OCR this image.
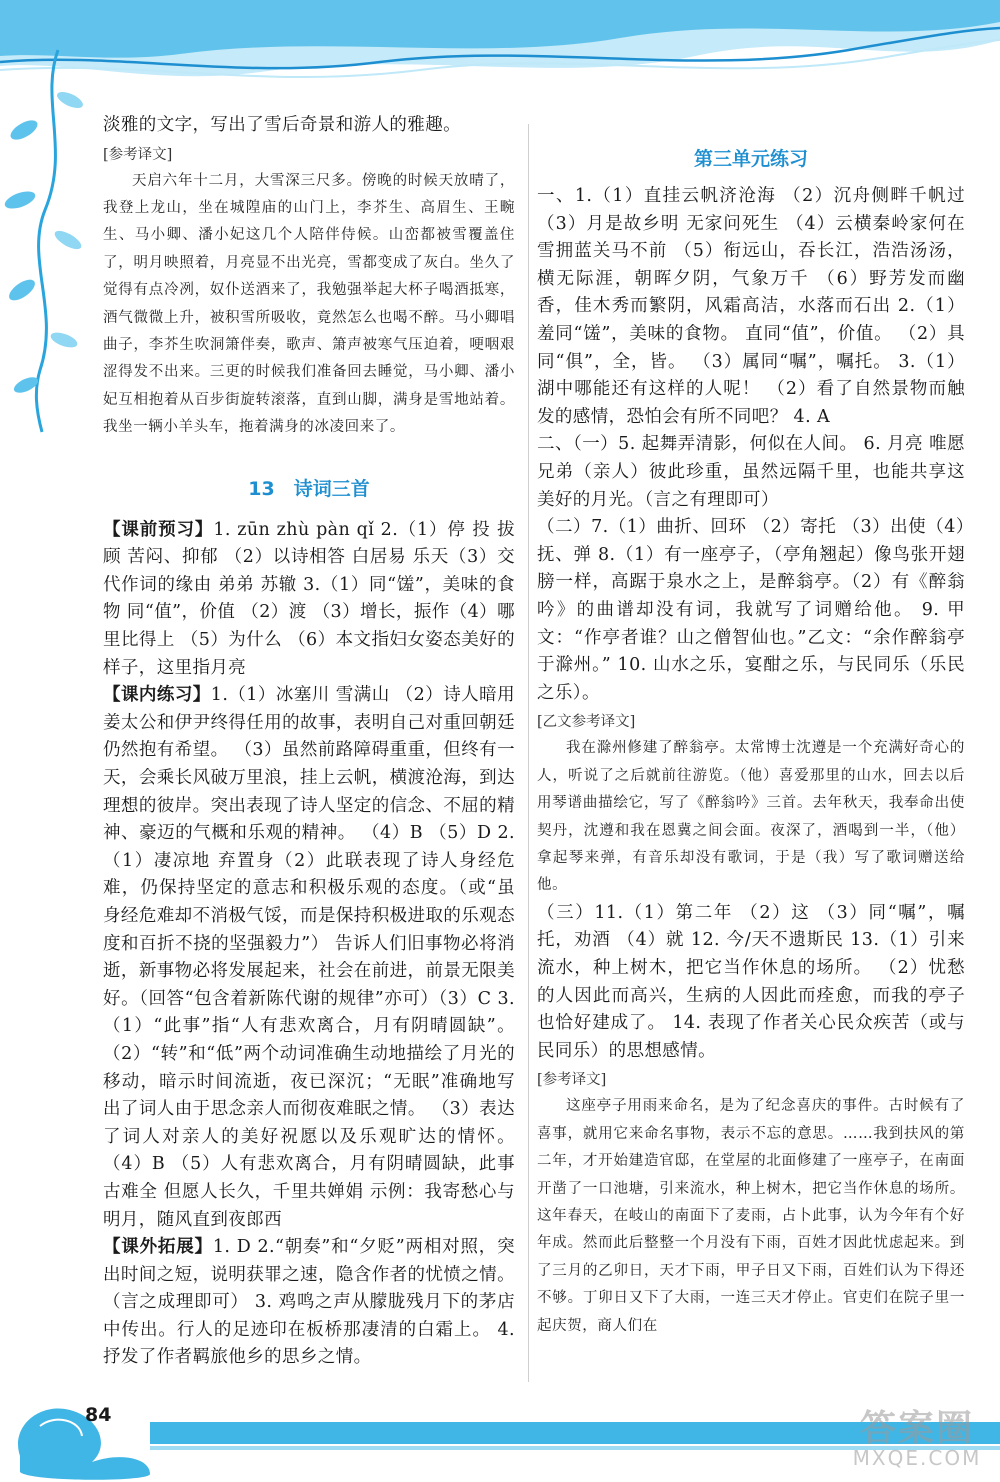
淡雅的文字，写出了雪后奇景和游人的雅趣。

[参考译文]

天启六年十二月，大雪深三尺多。傍晚的时候天放晴了，我登上龙山，坐在城隍庙的山门上，李芥生、高眉生、王畹生、马小卿、潘小妃这几个人陪伴侍候。山峦都被雪覆盖住了，明月映照着，月亮显不出光亮，雪都变成了灰白。坐久了觉得有点冷冽，奴仆送酒来了，我勉强举起大杯子喝酒抵寒，酒气微微上升，被积雪所吸收，竟然怎么也喝不醉。马小卿唱曲子，李芥生吹洞箫伴奏，歌声、箫声被寒气压迫着，哽咽艰涩得发不出来。三更的时候我们准备回去睡觉，马小卿、潘小妃互相抱着从百步街旋转滚落，直到山脚，满身是雪地站着。我坐一辆小羊头车，拖着满身的冰凌回来了。

13　诗词三首

【课前预习】1. zūn zhù pàn qǐ 2.（1）停 投 拔顾 苦闷、抑郁 （2）以诗相答 白居易 乐天（3）交代作词的缘由 弟弟 苏辙 3.（1）同“馐”，美味的食物 同“值”，价值 （2）渡 （3）增长，振作（4）哪里比得上 （5）为什么 （6）本文指妇女姿态美好的样子，这里指月亮

【课内练习】1.（1）冰塞川 雪满山 （2）诗人暗用姜太公和伊尹终得任用的故事，表明自己对重回朝廷仍然抱有希望。 （3）虽然前路障碍重重，但终有一天，会乘长风破万里浪，挂上云帆，横渡沧海，到达理想的彼岸。突出表现了诗人坚定的信念、不屈的精神、豪迈的气概和乐观的精神。 （4）B （5）D 2.（1）凄凉地 弃置身（2）此联表现了诗人身经危难，仍保持坚定的意志和积极乐观的态度。（或“虽身经危难却不消极气馁，而是保持积极进取的乐观态度和百折不挠的坚强毅力”） 告诉人们旧事物必将消逝，新事物必将发展起来，社会在前进，前景无限美好。（回答“包含着新陈代谢的规律”亦可）（3）C 3.（1）“此事”指“人有悲欢离合，月有阴晴圆缺”。 （2）“转”和“低”两个动词准确生动地描绘了月光的移动，暗示时间流逝，夜已深沉；“无眠”准确地写出了词人由于思念亲人而彻夜难眠之情。 （3）表达了词人对亲人的美好祝愿以及乐观旷达的情怀。 （4）B （5）人有悲欢离合，月有阴晴圆缺，此事古难全 但愿人长久，千里共婵娟 示例：我寄愁心与明月，随风直到夜郎西

【课外拓展】1. D 2.“朝奏”和“夕贬”两相对照，突出时间之短，说明获罪之速，隐含作者的忧愤之情。（言之成理即可） 3. 鸡鸣之声从朦胧残月下的茅店中传出。行人的足迹印在板桥那凄清的白霜上。 4. 抒发了作者羁旅他乡的思乡之情。

第三单元练习

一、1.（1）直挂云帆济沧海 （2）沉舟侧畔千帆过（3）月是故乡明 无家问死生 （4）云横秦岭家何在 雪拥蓝关马不前 （5）衔远山，吞长江，浩浩汤汤，横无际涯，朝晖夕阴，气象万千 （6）野芳发而幽香，佳木秀而繁阴，风霜高洁，水落而石出 2.（1）羞同“馐”，美味的食物。 直同“值”，价值。 （2）具同“俱”，全，皆。 （3）属同“嘱”，嘱托。 3.（1）湖中哪能还有这样的人呢！ （2）看了自然景物而触发的感情，恐怕会有所不同吧？ 4. A

二、（一）5. 起舞弄清影，何似在人间。 6. 月亮 唯愿兄弟（亲人）彼此珍重，虽然远隔千里，也能共享这美好的月光。（言之有理即可）

（二）7.（1）曲折、回环 （2）寄托 （3）出使（4）抚、弹 8.（1）有一座亭子，（亭角翘起）像鸟张开翅膀一样，高踞于泉水之上，是醉翁亭。（2）有《醉翁吟》的曲谱却没有词，我就写了词赠给他。 9. 甲文：“作亭者谁？山之僧智仙也。”乙文：“余作醉翁亭于滁州。” 10. 山水之乐，宴酣之乐，与民同乐（乐民之乐）。

[乙文参考译文]

我在滁州修建了醉翁亭。太常博士沈遵是一个充满好奇心的人，听说了之后就前往游览。（他）喜爱那里的山水，回去以后用琴谱曲描绘它，写了《醉翁吟》三首。去年秋天，我奉命出使契丹，沈遵和我在恩冀之间会面。夜深了，酒喝到一半，（他）拿起琴来弹，有音乐却没有歌词，于是（我）写了歌词赠送给他。

（三）11.（1）第二年 （2）这 （3）同“嘱”，嘱托，劝酒 （4）就 12. 今/天不遗斯民 13.（1）引来流水，种上树木，把它当作休息的场所。 （2）忧愁的人因此而高兴，生病的人因此而痊愈，而我的亭子也恰好建成了。 14. 表现了作者关心民众疾苦（或与民同乐）的思想感情。

[参考译文]

这座亭子用雨来命名，是为了纪念喜庆的事件。古时候有了喜事，就用它来命名事物，表示不忘的意思。……我到扶风的第二年，才开始建造官邸，在堂屋的北面修建了一座亭子，在南面开凿了一口池塘，引来流水，种上树木，把它当作休息的场所。这年春天，在岐山的南面下了麦雨，占卜此事，认为今年有个好年成。然而此后整整一个月没有下雨，百姓才因此忧虑起来。到了三月的乙卯日，天才下雨，甲子日又下雨，百姓们认为下得还不够。丁卯日又下了大雨，一连三天才停止。官吏们在院子里一起庆贺，商人们在

84	答案圈
MXQE.COM
